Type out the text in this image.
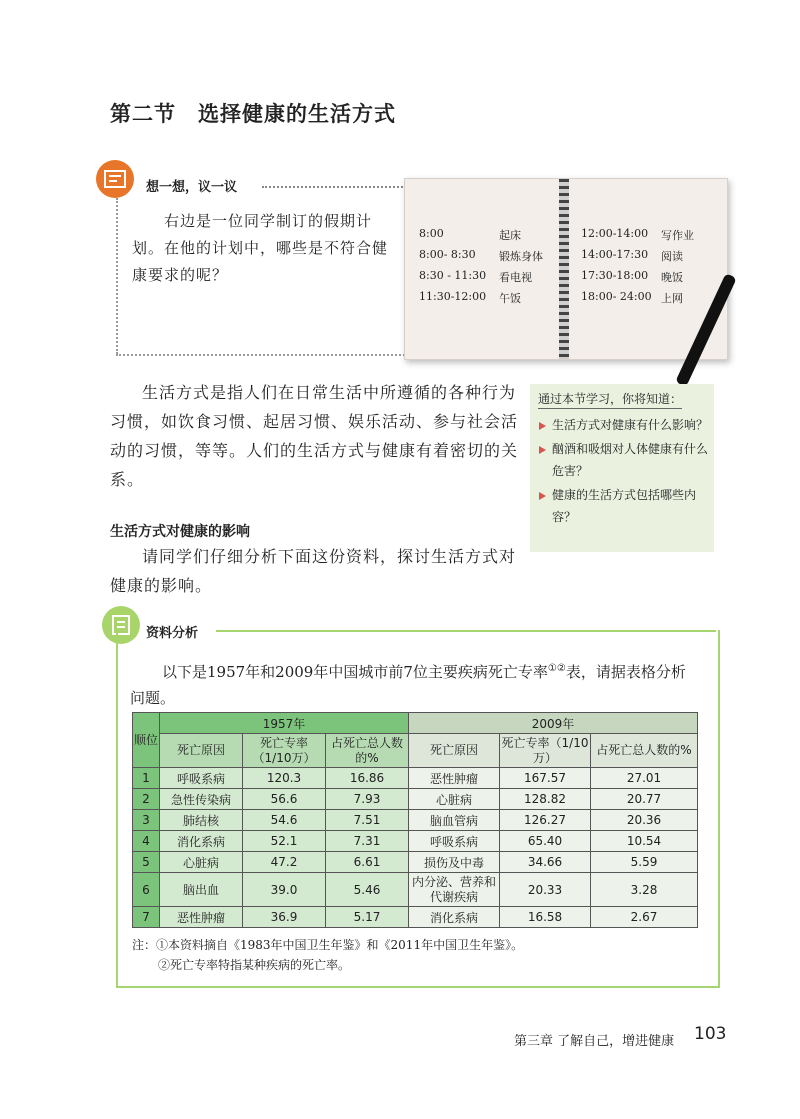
第二节 选择健康的生活方式
想一想，议一议
右边是一位同学制订的假期计划。在他的计划中，哪些是不符合健康要求的呢？
8:00	起床
8:00- 8:30	锻炼身体
8:30 - 11:30	看电视
11:30-12:00	午饭
12:00-14:00	写作业
14:00-17:30	阅读
17:30-18:00	晚饭
18:00- 24:00 上网
生活方式是指人们在日常生活中所遵循的各种行为习惯，如饮食习惯、起居习惯、娱乐活动、参与社会活动的习惯，等等。人们的生活方式与健康有着密切的关系。
通过本节学习，你将知道：
生活方式对健康有什么影响？
酗酒和吸烟对人体健康有什么危害？
健康的生活方式包括哪些内容？
生活方式对健康的影响
请同学们仔细分析下面这份资料，探讨生活方式对健康的影响。
资料分析
以下是1957年和2009年中国城市前7位主要疾病死亡专率①②表，请据表格分析问题。
顺位	1957年			2009年		
	死亡原因	死亡专率（1/10万）	占死亡总人数的%	死亡原因	死亡专率（1/10万）	占死亡总人数的%
1	呼吸系病	120.3	16.86	恶性肿瘤	167.57	27.01
2	急性传染病	56.6	7.93	心脏病	128.82	20.77
3	肺结核	54.6	7.51	脑血管病	126.27	20.36
4	消化系病	52.1	7.31	呼吸系病	65.40	10.54
5	心脏病	47.2	6.61	损伤及中毒	34.66	5.59
6	脑出血	39.0	5.46	内分泌、营养和代谢疾病	20.33	3.28
7	恶性肿瘤	36.9	5.17	消化系病	16.58	2.67
注：①本资料摘自《1983年中国卫生年鉴》和《2011年中国卫生年鉴》。
②死亡专率特指某种疾病的死亡率。
第三章 了解自己，增进健康 103
